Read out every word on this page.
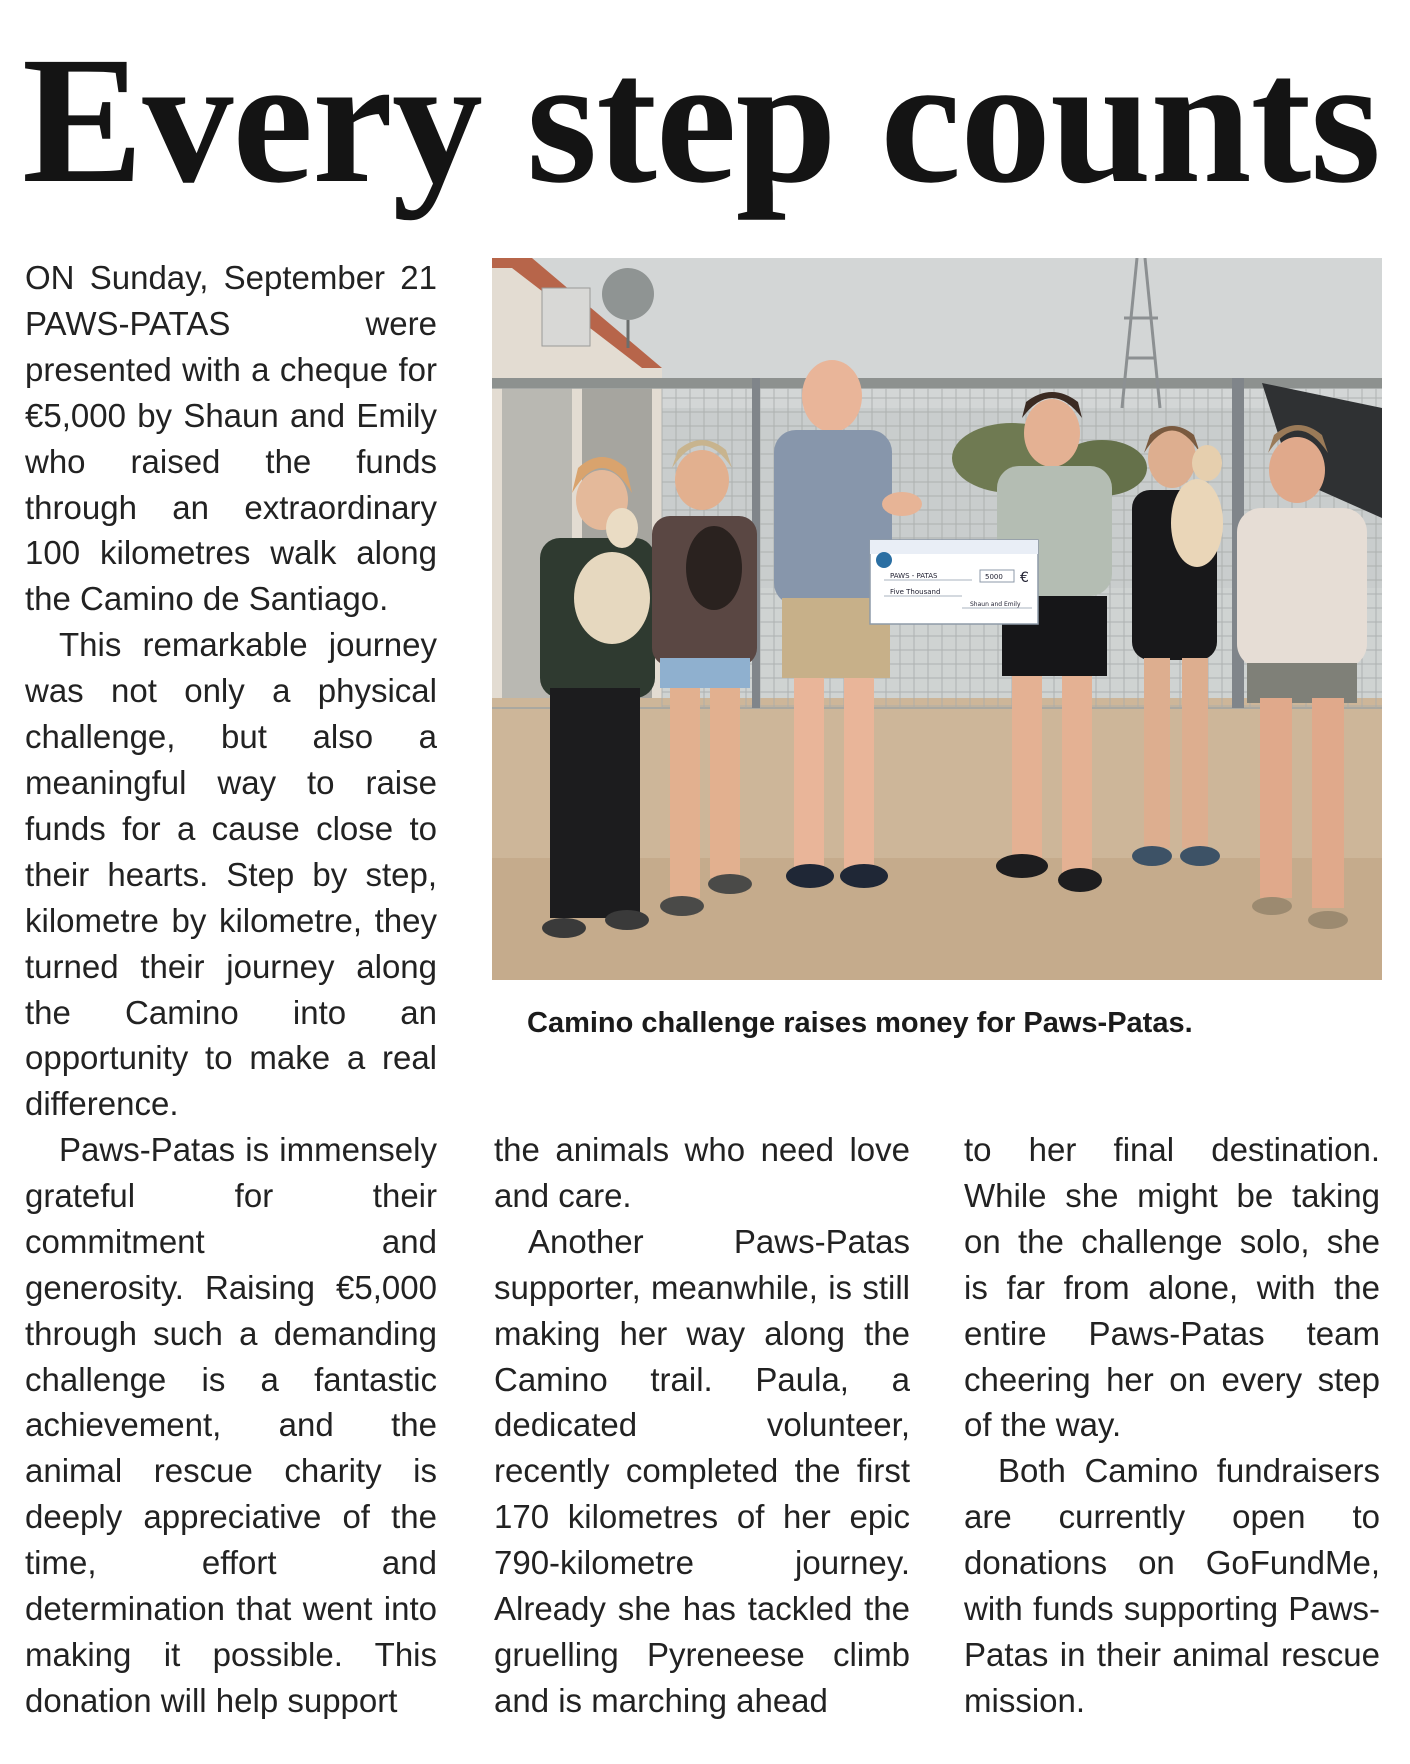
Every step counts

ON Sunday, September 21 PAWS-PATAS were presented with a cheque for €5,000 by Shaun and Emily who raised the funds through an extraordinary 100 kilometres walk along the Camino de Santiago.

This remarkable journey was not only a physical challenge, but also a meaningful way to raise funds for a cause close to their hearts. Step by step, kilometre by kilometre, they turned their journey along the Camino into an opportunity to make a real difference.

PAWS - PATAS
Five Thousand
Shaun and Emily
5000 €
Camino challenge raises money for Paws-Patas.

Paws-Patas is immensely grateful for their commitment and generosity. Raising €5,000 through such a demanding challenge is a fantastic achievement, and the animal rescue charity is deeply appreciative of the time, effort and determination that went into making it possible. This donation will help support

the animals who need love and care.

Another Paws-Patas supporter, meanwhile, is still making her way along the Camino trail. Paula, a dedicated volunteer, recently completed the first 170 kilometres of her epic 790-kilometre journey. Already she has tackled the gruelling Pyreneese climb and is marching ahead

to her final destination. While she might be taking on the challenge solo, she is far from alone, with the entire Paws-Patas team cheering her on every step of the way.

Both Camino fundraisers are currently open to donations on GoFundMe, with funds supporting Paws-Patas in their animal rescue mission.
